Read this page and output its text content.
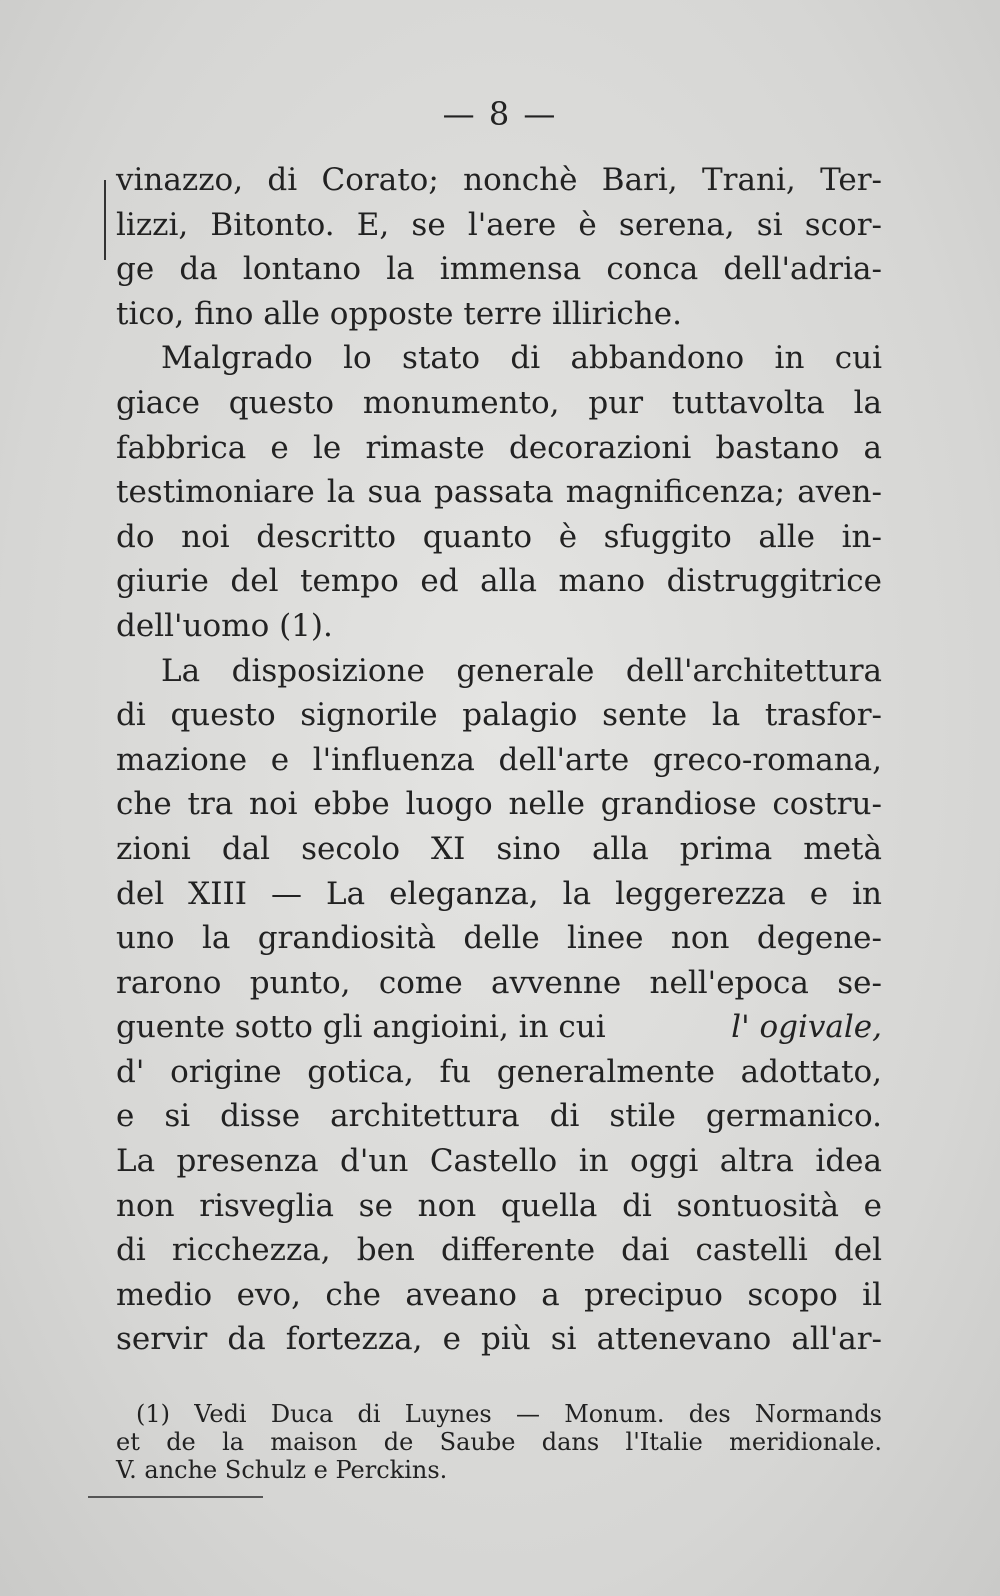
— 8 —
vinazzo, di Corato; nonchè Bari, Trani, Ter-
lizzi, Bitonto. E, se l'aere è serena, si scor-
ge da lontano la immensa conca dell'adria-
tico, fino alle opposte terre illiriche.
Malgrado lo stato di abbandono in cui
giace questo monumento, pur tuttavolta la
fabbrica e le rimaste decorazioni bastano a
testimoniare la sua passata magnificenza; aven-
do noi descritto quanto è sfuggito alle in-
giurie del tempo ed alla mano distruggitrice
dell'uomo (1).
La disposizione generale dell'architettura
di questo signorile palagio sente la trasfor-
mazione e l'influenza dell'arte greco-romana,
che tra noi ebbe luogo nelle grandiose costru-
zioni dal secolo XI sino alla prima metà
del XIII — La eleganza, la leggerezza e in
uno la grandiosità delle linee non degene-
rarono punto, come avvenne nell'epoca se-
guente sotto gli angioini, in cui	l' ogivale,
d' origine gotica, fu generalmente adottato,
e si disse architettura di stile germanico.
La presenza d'un Castello in oggi altra idea
non risveglia se non quella di sontuosità e
di ricchezza, ben differente dai castelli del
medio evo, che aveano a precipuo scopo il
servir da fortezza, e più si attenevano all'ar-
(1) Vedi Duca di Luynes — Monum. des Normands
et de la maison de Saube dans l'Italie meridionale.
V. anche Schulz e Perckins.
